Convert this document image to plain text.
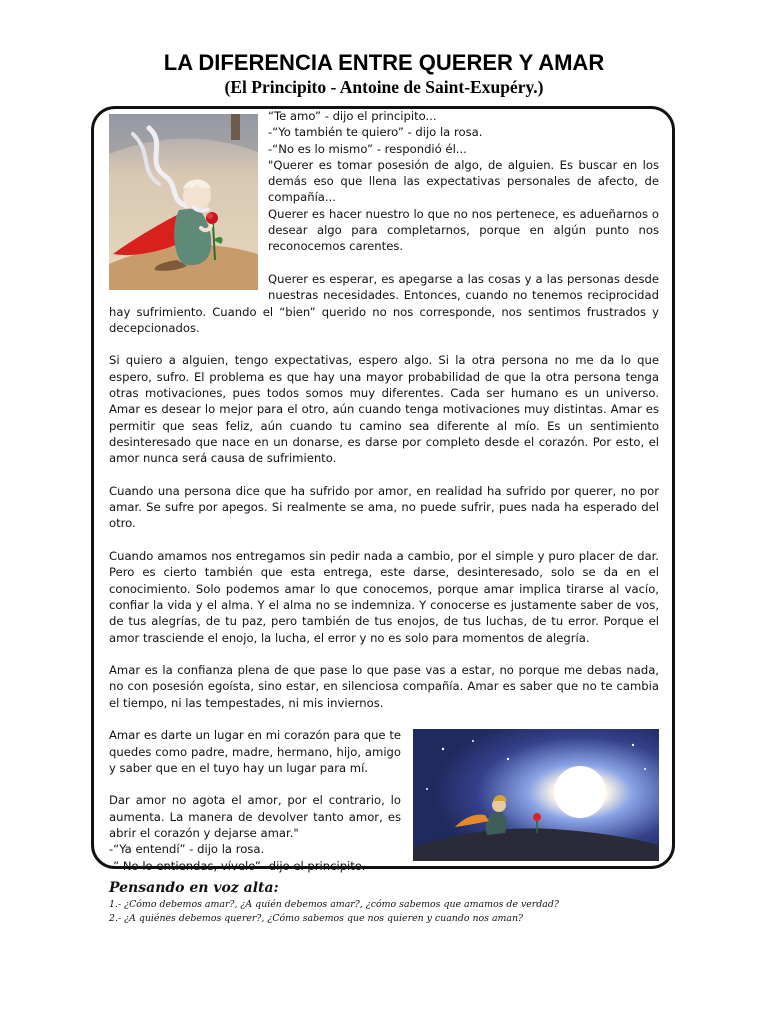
LA DIFERENCIA ENTRE QUERER Y AMAR
(El Principito - Antoine de Saint-Exupéry.)

“Te amo” - dijo el principito...

-“Yo también te quiero” - dijo la rosa.

-“No es lo mismo” - respondió él...

"Querer es tomar posesión de algo, de alguien. Es buscar en los demás eso que llena las expectativas personales de afecto, de compañía...

Querer es hacer nuestro lo que no nos pertenece, es adueñarnos o desear algo para completarnos, porque en algún punto nos reconocemos carentes.

Querer es esperar, es apegarse a las cosas y a las personas desde nuestras necesidades. Entonces, cuando no tenemos reciprocidad hay sufrimiento. Cuando el “bien” querido no nos corresponde, nos sentimos frustrados y decepcionados.

Si quiero a alguien, tengo expectativas, espero algo. Si la otra persona no me da lo que espero, sufro. El problema es que hay una mayor probabilidad de que la otra persona tenga otras motivaciones, pues todos somos muy diferentes. Cada ser humano es un universo. Amar es desear lo mejor para el otro, aún cuando tenga motivaciones muy distintas. Amar es permitir que seas feliz, aún cuando tu camino sea diferente al mío. Es un sentimiento desinteresado que nace en un donarse, es darse por completo desde el corazón. Por esto, el amor nunca será causa de sufrimiento.

Cuando una persona dice que ha sufrido por amor, en realidad ha sufrido por querer, no por amar. Se sufre por apegos. Si realmente se ama, no puede sufrir, pues nada ha esperado del otro.

Cuando amamos nos entregamos sin pedir nada a cambio, por el simple y puro placer de dar. Pero es cierto también que esta entrega, este darse, desinteresado, solo se da en el conocimiento. Solo podemos amar lo que conocemos, porque amar implica tirarse al vacío, confiar la vida y el alma. Y el alma no se indemniza. Y conocerse es justamente saber de vos, de tus alegrías, de tu paz, pero también de tus enojos, de tus luchas, de tu error. Porque el amor trasciende el enojo, la lucha, el error y no es solo para momentos de alegría.

Amar es la confianza plena de que pase lo que pase vas a estar, no porque me debas nada, no con posesión egoísta, sino estar, en silenciosa compañía. Amar es saber que no te cambia el tiempo, ni las tempestades, ni mis inviernos.

Amar es darte un lugar en mi corazón para que te quedes como padre, madre, hermano, hijo, amigo y saber que en el tuyo hay un lugar para mí.

Dar amor no agota el amor, por el contrario, lo aumenta. La manera de devolver tanto amor, es abrir el corazón y dejarse amar."

-“Ya entendí” - dijo la rosa.

-” No lo entiendas, vívelo” -dijo el principito.

Pensando en voz alta:

1.- ¿Cómo debemos amar?, ¿A quién debemos amar?, ¿cómo sabemos que amamos de verdad?

2.- ¿A quiénes debemos querer?, ¿Cómo sabemos que nos quieren y cuando nos aman?
